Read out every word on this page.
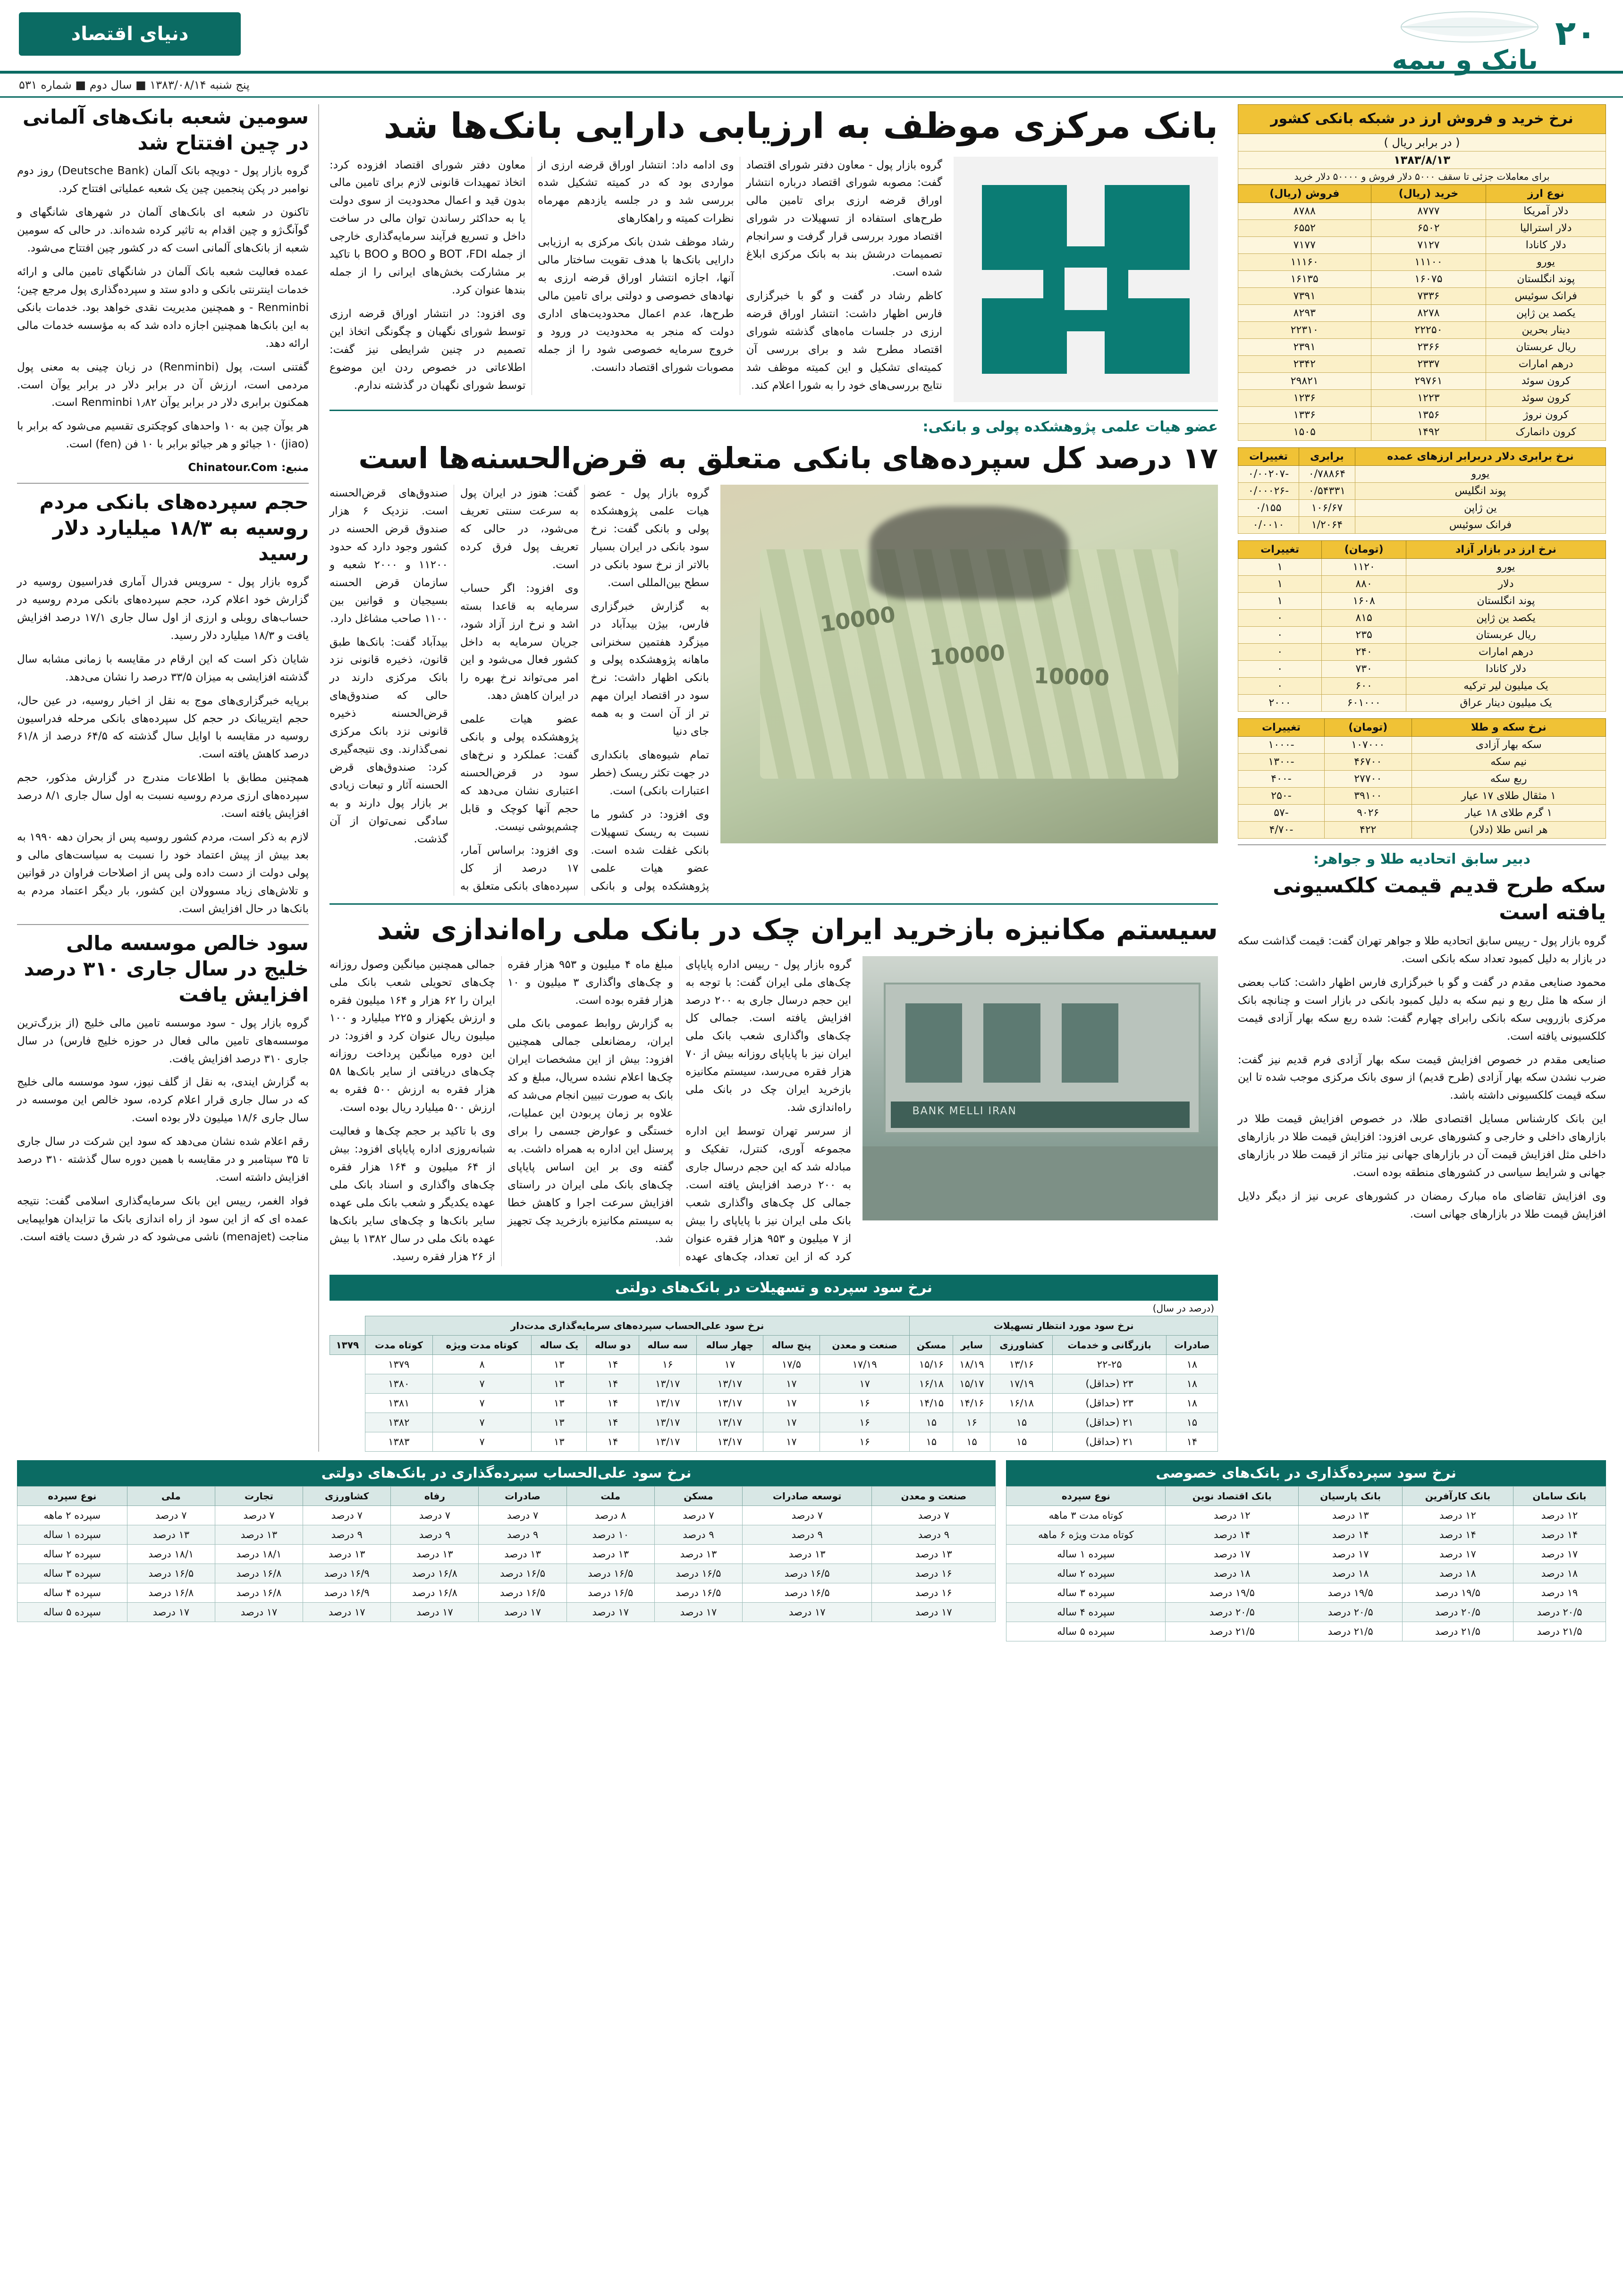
دنیای اقتصاد	۲۰
بانک و بیمه
پنج شنبه ۱۳۸۳/۰۸/۱۴ ■ سال دوم ■ شماره ۵۳۱
نرخ خرید و فروش ارز در شبکه بانکی کشور
( در برابر ریال )
۱۳۸۳/۸/۱۳
برای معاملات جزئی تا سقف ۵۰۰۰ دلار فروش و ۵۰۰۰۰ دلار خرید
نوع ارز	خرید (ریال)	فروش (ریال)
دلار آمریکا	۸۷۷۷	۸۷۸۸
دلار استرالیا	۶۵۰۲	۶۵۵۲
دلار کانادا	۷۱۲۷	۷۱۷۷
یورو	۱۱۱۰۰	۱۱۱۶۰
پوند انگلستان	۱۶۰۷۵	۱۶۱۳۵
فرانک سوئیس	۷۳۳۶	۷۳۹۱
یکصد ین ژاپن	۸۲۷۸	۸۲۹۳
دینار بحرین	۲۲۲۵۰	۲۲۳۱۰
ریال عربستان	۲۳۶۶	۲۳۹۱
درهم امارات	۲۳۳۷	۲۳۴۲
کرون سوئد	۲۹۷۶۱	۲۹۸۲۱
کرون سوئد	۱۲۲۳	۱۲۳۶
کرون نروژ	۱۳۵۶	۱۳۳۶
کرون دانمارک	۱۴۹۲	۱۵۰۵
نرخ برابری دلار دربرابر ارزهای عمده	برابری	تغییرات
یورو	۰/۷۸۸۶۴	-۰/۰۰۲۰۷
پوند انگلیس	۰/۵۴۳۳۱	-۰/۰۰۰۲۶
ین ژاپن	۱۰۶/۶۷	۰/۱۵۵
فرانک سوئیس	۱/۲۰۶۴	۰/۰۰۱۰
نرخ ارز در بازار آزاد	(تومان)	تغییرات
یورو	۱۱۲۰	۱
دلار	۸۸۰	۱
پوند انگلستان	۱۶۰۸	۱
یکصد ین ژاپن	۸۱۵	۰
ریال عربستان	۲۳۵	۰
درهم امارات	۲۴۰	۰
دلار کانادا	۷۳۰	۰
یک میلیون لیر ترکیه	۶۰۰	۰
یک میلیون دینار عراق	۶۰۱۰۰۰	۲۰۰۰
نرخ سکه و طلا	(تومان)	تغییرات
سکه بهار آزادی	۱۰۷۰۰۰	-۱۰۰۰
نیم سکه	۴۶۷۰۰	-۱۳۰۰
ربع سکه	۲۷۷۰۰	-۴۰۰
۱ مثقال طلای ۱۷ عیار	۳۹۱۰۰	-۲۵۰
۱ گرم طلای ۱۸ عیار	۹۰۲۶	-۵۷
هر انس طلا (دلار)	۴۲۲	-۴/۷۰
دبیر سابق اتحادیه طلا و جواهر:
سکه طرح قدیم قیمت کلکسیونی یافته است

گروه بازار پول - رییس سابق اتحادیه طلا و جواهر تهران گفت: قیمت گذاشت سکه در بازار به دلیل کمبود تعداد سکه بانکی است.

محمود صنایعی مقدم در گفت و گو با خبرگزاری فارس اظهار داشت: کتاب بعضی از سکه ها مثل ربع و نیم سکه به دلیل کمبود بانکی در بازار است و چنانچه بانک مرکزی بازرویی سکه بانکی رابرای چهارم گفت: شده ربع سکه بهار آزادی قیمت کلکسیونی یافته است.

صنایعی مقدم در خصوص افزایش قیمت سکه بهار آزادی فرم قدیم نیز گفت: ضرب نشدن سکه بهار آزادی (طرح قدیم) از سوی بانک مرکزی موجب شده تا این سکه قیمت کلکسیونی داشته باشد.

این بانک کارشناس مسایل اقتصادی طلا، در خصوص افزایش قیمت طلا در بازارهای داخلی و خارجی و کشورهای عربی افزود: افزایش قیمت طلا در بازارهای داخلی مثل افزایش قیمت آن در بازارهای جهانی نیز متاثر از قیمت طلا در بازارهای جهانی و شرایط سیاسی در کشورهای منطقه بوده است.

وی افزایش تقاضای ماه مبارک رمضان در کشورهای عربی نیز از دیگر دلایل افزایش قیمت طلا در بازارهای جهانی است.

بانک مرکزی موظف به ارزیابی دارایی بانک‌ها شد

گروه بازار پول - معاون دفتر شورای اقتصاد گفت: مصوبه شورای اقتصاد درباره انتشار اوراق قرضه ارزی برای تامین مالی طرح‌های استفاده از تسهیلات در شورای اقتصاد مورد بررسی قرار گرفت و سرانجام تصمیمات درشش بند به بانک مرکزی ابلاغ شده است.

کاظم رشاد در گفت و گو با خبرگزاری فارس اظهار داشت: انتشار اوراق قرضه ارزی در جلسات ماه‌های گذشته شورای اقتصاد مطرح شد و برای بررسی آن کمیته‌ای تشکیل و این کمیته موظف شد نتایج بررسی‌های خود را به شورا اعلام کند.

وی ادامه داد: انتشار اوراق قرضه ارزی از مواردی بود که در کمیته تشکیل شده بررسی شد و در جلسه یازدهم مهرماه نظرات کمیته و راهکارهای

رشاد موظف شدن بانک مرکزی به ارزیابی دارایی بانک‌ها با هدف تقویت ساختار مالی آنها، اجازه انتشار اوراق قرضه ارزی به نهادهای خصوصی و دولتی برای تامین مالی طرح‌ها، عدم اعمال محدودیت‌های اداری دولت که منجر به محدودیت در ورود و خروج سرمایه خصوصی شود را از جمله مصوبات شورای اقتصاد دانست.

معاون دفتر شورای اقتصاد افزوده کرد: اتخاذ تمهیدات قانونی لازم برای تامین مالی بدون قید و اعمال محدودیت از سوی دولت یا به حداکثر رساندن توان مالی در ساخت داخل و تسریع فرآیند سرمایه‌گذاری خارجی از جمله BOT ،FDI و BOO و BOO با تاکید بر مشارکت بخش‌های ایرانی را از جمله بندها عنوان کرد.

وی افزود: در انتشار اوراق قرضه ارزی توسط شورای نگهبان و چگونگی اتخاذ این تصمیم در چنین شرایطی نیز گفت: اطلاعاتی در خصوص ردن این موضوع توسط شورای نگهبان در گذشته ندارم.

عضو هیات علمی پژوهشکده پولی و بانکی:
۱۷ درصد کل سپرده‌های بانکی متعلق به قرض‌الحسنه‌ها است
10000
10000
10000

گروه بازار پول - عضو هیات علمی پژوهشکده پولی و بانکی گفت: نرخ سود بانکی در ایران بسیار بالاتر از نرخ سود بانکی در سطح بین‌المللی است.

به گزارش خبرگزاری فارس، بیژن بیدآباد در میزگرد هفتمین سخنرانی ماهانه پژوهشکده پولی و بانکی اظهار داشت: نرخ سود در اقتصاد ایران مهم تر از آن است و به همه جای دنیا

تمام شیوه‌های بانکداری در جهت تکثر ریسک (خطر اعتبارات بانکی) است.

وی افزود: در کشور ما نسبت به ریسک تسهیلات بانکی غفلت شده است. عضو هیات علمی پژوهشکده پولی و بانکی گفت: هنوز در ایران پول به سرعت سنتی تعریف می‌شود، در حالی که تعریف پول فرق کرده است.

وی افزود: اگر حساب سرمایه به قاعدا بسته اشد و نرخ ارز آزاد شود، جریان سرمایه به داخل کشور فعال می‌شود و این امر می‌تواند نرخ بهره را در ایران کاهش دهد.

عضو هیات علمی پژوهشکده پولی و بانکی گفت: عملکرد و نرخ‌های سود در قرض‌الحسنه اعتباری نشان می‌دهد که حجم آنها کوچک و قابل چشم‌پوشی نیست.

وی افزود: براساس آمار، ۱۷ درصد از کل سپرده‌های بانکی متعلق به صندوق‌های قرض‌الحسنه است. نزدیک ۶ هزار صندوق قرض الحسنه در کشور وجود دارد که حدود ۱۱۲۰۰ و ۲۰۰۰ شعبه و سازمان قرض الحسنه بسیجیان و قوانین بین ۱۱۰۰ صاحب مشاغل دارد.

بیدآباد گفت: بانک‌ها طبق قانون، ذخیره قانونی نزد بانک مرکزی دارند در حالی که صندوق‌های قرض‌الحسنه ذخیره قانونی نزد بانک مرکزی نمی‌گذارند. وی نتیجه‌گیری کرد: صندوق‌های قرض الحسنه آثار و تبعات زیادی بر بازار پول دارند و به سادگی نمی‌توان از آن گذشت.

سیستم مکانیزه بازخرید ایران چک در بانک ملی راه‌اندازی شد
BANK MELLI IRAN

گروه بازار پول - رییس اداره پایاپای چک‌های ملی ایران گفت: با توجه به این حجم درسال جاری به ۲۰۰ درصد افزایش یافته است. جمالی کل چک‌های واگذاری شعب بانک ملی ایران نیز با پایاپای روزانه بیش از ۷۰ هزار فقره می‌رسد، سیستم مکانیزه بازخرید ایران چک در بانک ملی راه‌اندازی شد.

از سرسر تهران توسط این اداره مجموعه آوری، کنترل، تفکیک و مبادله شد که این حجم درسال جاری به ۲۰۰ درصد افزایش یافته است. جمالی کل چک‌های واگذاری شعب بانک ملی ایران نیز با پایاپای را بیش از ۷ میلیون و ۹۵۳ هزار فقره عنوان کرد که از این تعداد، چک‌های عهده مبلغ ماه ۴ میلیون و ۹۵۳ هزار فقره و چک‌های واگذاری ۳ میلیون و ۱۰ هزار فقره بوده است.

به گزارش روابط عمومی بانک ملی ایران، رمضانعلی جمالی همچنین افزود: بیش از این مشخصات ایران چک‌ها اعلام نشده سریال، مبلغ و کد بانک به صورت تبیین انجام می‌شد که علاوه بر زمان پربودن این عملیات، خستگی و عوارض جسمی را برای پرسنل این اداره به همراه داشت. به گفته وی بر این اساس پایاپای چک‌های بانک ملی ایران در راستای افزایش سرعت اجرا و کاهش خطا به سیستم مکانیزه بازخرید چک تجهیز شد.

جمالی همچنین میانگین وصول روزانه چک‌های تحویلی شعب بانک ملی ایران را ۶۲ هزار و ۱۶۴ میلیون فقره و ارزش یکهزار و ۲۲۵ میلیارد و ۱۰۰ میلیون ریال عنوان کرد و افزود: در این دوره میانگین پرداخت روزانه چک‌های دریافتی از سایر بانک‌ها ۵۸ هزار فقره به ارزش ۵۰۰ فقره به ارزش ۵۰۰ میلیارد ریال بوده است.

وی با تاکید بر حجم چک‌ها و فعالیت شبانه‌روزی اداره پایاپای افزود: بیش از ۶۴ میلیون و ۱۶۴ هزار فقره چک‌های واگذاری و اسناد بانک ملی عهده یکدیگر و شعب بانک ملی عهده سایر بانک‌ها و چک‌های سایر بانک‌ها عهده بانک ملی در سال ۱۳۸۲ با بیش از ۲۶ هزار فقره رسید.

نرخ سود سپرده و تسهیلات در بانک‌های دولتی
(درصد در سال)
نرخ سود مورد انتظار تسهیلات					نرخ سود علی‌الحساب سپرده‌های سرمایه‌گذاری مدت‌دار								
صادرات	بازرگانی و خدمات	کشاورزی	سایر	مسکن	صنعت و معدن	پنج ساله	چهار ساله	سه ساله	دو ساله	یک ساله	کوتاه مدت ویژه	کوتاه مدت	۱۳۷۹
۱۸	۲۲-۲۵	۱۳/۱۶	۱۸/۱۹	۱۵/۱۶	۱۷/۱۹	۱۷/۵	۱۷	۱۶	۱۴	۱۳	۸	۱۳۷۹	
۱۸	۲۳ (حداقل)	۱۷/۱۹	۱۵/۱۷	۱۶/۱۸	۱۷	۱۷	۱۳/۱۷	۱۳/۱۷	۱۴	۱۳	۷	۱۳۸۰	
۱۸	۲۳ (حداقل)	۱۶/۱۸	۱۴/۱۶	۱۴/۱۵	۱۶	۱۷	۱۳/۱۷	۱۳/۱۷	۱۴	۱۳	۷	۱۳۸۱	
۱۵	۲۱ (حداقل)	۱۵	۱۶	۱۵	۱۶	۱۷	۱۳/۱۷	۱۳/۱۷	۱۴	۱۳	۷	۱۳۸۲	
۱۴	۲۱ (حداقل)	۱۵	۱۵	۱۵	۱۶	۱۷	۱۳/۱۷	۱۳/۱۷	۱۴	۱۳	۷	۱۳۸۳	
سومین شعبه بانک‌های آلمانی در چین افتتاح شد

گروه بازار پول - دویچه بانک آلمان (Deutsche Bank) روز دوم نوامبر در پکن پنجمین چین یک شعبه عملیاتی افتتاح کرد.

تاکنون در شعبه ای بانک‌های آلمان در شهرهای شانگهای و گوآنگ‌ژو و چین اقدام به تاثیر کرده شده‌اند. در حالی که سومین شعبه از بانک‌های آلمانی است که در کشور چین افتتاح می‌شود.

عمده فعالیت شعبه بانک آلمان در شانگهای تامین مالی و ارائه خدمات اینترنتی بانکی و دادو ستد و سپرده‌گذاری پول مرجع چین؛ Renminbi - و همچنین مدیریت نقدی خواهد بود. خدمات بانکی به این بانک‌ها همچنین اجازه داده شد که به مؤسسه خدمات مالی ارائه دهد.

گفتنی است، پول (Renminbi) در زبان چینی به معنی پول مردمی است، ارزش آن در برابر دلار در برابر یوآن است. همکنون برابری دلار در برابر یوآن ۱٫۸۲ Renminbi است.

هر یوآن چین به ۱۰ واحدهای کوچکتری تقسیم می‌شود که برابر با (jiao) ۱۰ جیائو و هر جیائو برابر با ۱۰ فن (fen) است.

منبع: Chinatour.Com

حجم سپرده‌های بانکی مردم روسیه به ۱۸/۳ میلیارد دلار رسید

گروه بازار پول - سرویس فدرال آماری فدراسیون روسیه در گزارش خود اعلام کرد، حجم سپرده‌های بانکی مردم روسیه در حساب‌های روبلی و ارزی از اول سال جاری ۱۷/۱ درصد افزایش یافت و ۱۸/۳ میلیارد دلار رسید.

شایان ذکر است که این ارقام در مقایسه با زمانی مشابه سال گذشته افزایشی به میزان ۳۳/۵ درصد را نشان می‌دهد.

برپایه خبرگزاری‌های موج به نقل از اخبار روسیه، در عین حال، حجم ایتریبانک در حجم کل سپرده‌های بانکی مرحله فدراسیون روسیه در مقایسه با اوایل سال گذشته که ۶۴/۵ درصد از ۶۱/۸ درصد کاهش یافته است.

همچنین مطابق با اطلاعات مندرج در گزارش مذکور، حجم سپرده‌های ارزی مردم روسیه نسبت به اول سال جاری ۸/۱ درصد افزایش یافته است.

لازم به ذکر است، مردم کشور روسیه پس از بحران دهه ۱۹۹۰ به بعد بیش از پیش اعتماد خود را نسبت به سیاست‌های مالی و پولی دولت از دست داده ولی پس از اصلاحات فراوان در قوانین و تلاش‌های زیاد مسوولان این کشور، بار دیگر اعتماد مردم به بانک‌ها در حال افزایش است.

سود خالص موسسه مالی خلیج در سال جاری ۳۱۰ درصد افزایش یافت

گروه بازار پول - سود موسسه تامین مالی خلیج (از بزرگ‌ترین موسسه‌های تامین مالی فعال در حوزه خلیج فارس) در سال جاری ۳۱۰ درصد افزایش یافت.

به گزارش ایندی، به نقل از گلف نیوز، سود موسسه مالی خلیج که در سال جاری قرار اعلام کرده، سود خالص این موسسه در سال جاری ۱۸/۶ میلیون دلار بوده است.

رقم اعلام شده نشان می‌دهد که سود این شرکت در سال جاری تا ۳۵ سپتامبر و در مقایسه با همین دوره سال گذشته ۳۱۰ درصد افزایش داشته است.

فواد الغمر، رییس این بانک سرمایه‌گذاری اسلامی گفت: نتیجه عمده ای که از این سود از راه اندازی بانک ما تزایدان هوایپمایی مناجت (menajet) ناشی می‌شود که در شرق دست یافته است.

نرخ سود سپرده‌گذاری در بانک‌های خصوصی
بانک سامان	بانک کارآفرین	بانک پارسیان	بانک اقتصاد نوین	نوع سپرده
۱۲ درصد	۱۲ درصد	۱۳ درصد	۱۲ درصد	کوتاه مدت ۳ ماهه
۱۴ درصد	۱۴ درصد	۱۴ درصد	۱۴ درصد	کوتاه مدت ویژه ۶ ماهه
۱۷ درصد	۱۷ درصد	۱۷ درصد	۱۷ درصد	سپرده ۱ ساله
۱۸ درصد	۱۸ درصد	۱۸ درصد	۱۸ درصد	سپرده ۲ ساله
۱۹ درصد	۱۹/۵ درصد	۱۹/۵ درصد	۱۹/۵ درصد	سپرده ۳ ساله
۲۰/۵ درصد	۲۰/۵ درصد	۲۰/۵ درصد	۲۰/۵ درصد	سپرده ۴ ساله
۲۱/۵ درصد	۲۱/۵ درصد	۲۱/۵ درصد	۲۱/۵ درصد	سپرده ۵ ساله
نرخ سود علی‌الحساب سپرده‌گذاری در بانک‌های دولتی
صنعت و معدن	توسعه صادرات	مسکن	ملت	صادرات	رفاه	کشاورزی	تجارت	ملی	نوع سپرده
۷ درصد	۷ درصد	۷ درصد	۸ درصد	۷ درصد	۷ درصد	۷ درصد	۷ درصد	۷ درصد	سپرده ۲ ماهه
۹ درصد	۹ درصد	۹ درصد	۱۰ درصد	۹ درصد	۹ درصد	۹ درصد	۱۳ درصد	۱۳ درصد	سپرده ۱ ساله
۱۳ درصد	۱۳ درصد	۱۳ درصد	۱۳ درصد	۱۳ درصد	۱۳ درصد	۱۳ درصد	۱۸/۱ درصد	۱۸/۱ درصد	سپرده ۲ ساله
۱۶ درصد	۱۶/۵ درصد	۱۶/۵ درصد	۱۶/۵ درصد	۱۶/۵ درصد	۱۶/۸ درصد	۱۶/۹ درصد	۱۶/۸ درصد	۱۶/۵ درصد	سپرده ۳ ساله
۱۶ درصد	۱۶/۵ درصد	۱۶/۵ درصد	۱۶/۵ درصد	۱۶/۵ درصد	۱۶/۸ درصد	۱۶/۹ درصد	۱۶/۸ درصد	۱۶/۸ درصد	سپرده ۴ ساله
۱۷ درصد	۱۷ درصد	۱۷ درصد	۱۷ درصد	۱۷ درصد	۱۷ درصد	۱۷ درصد	۱۷ درصد	۱۷ درصد	سپرده ۵ ساله
